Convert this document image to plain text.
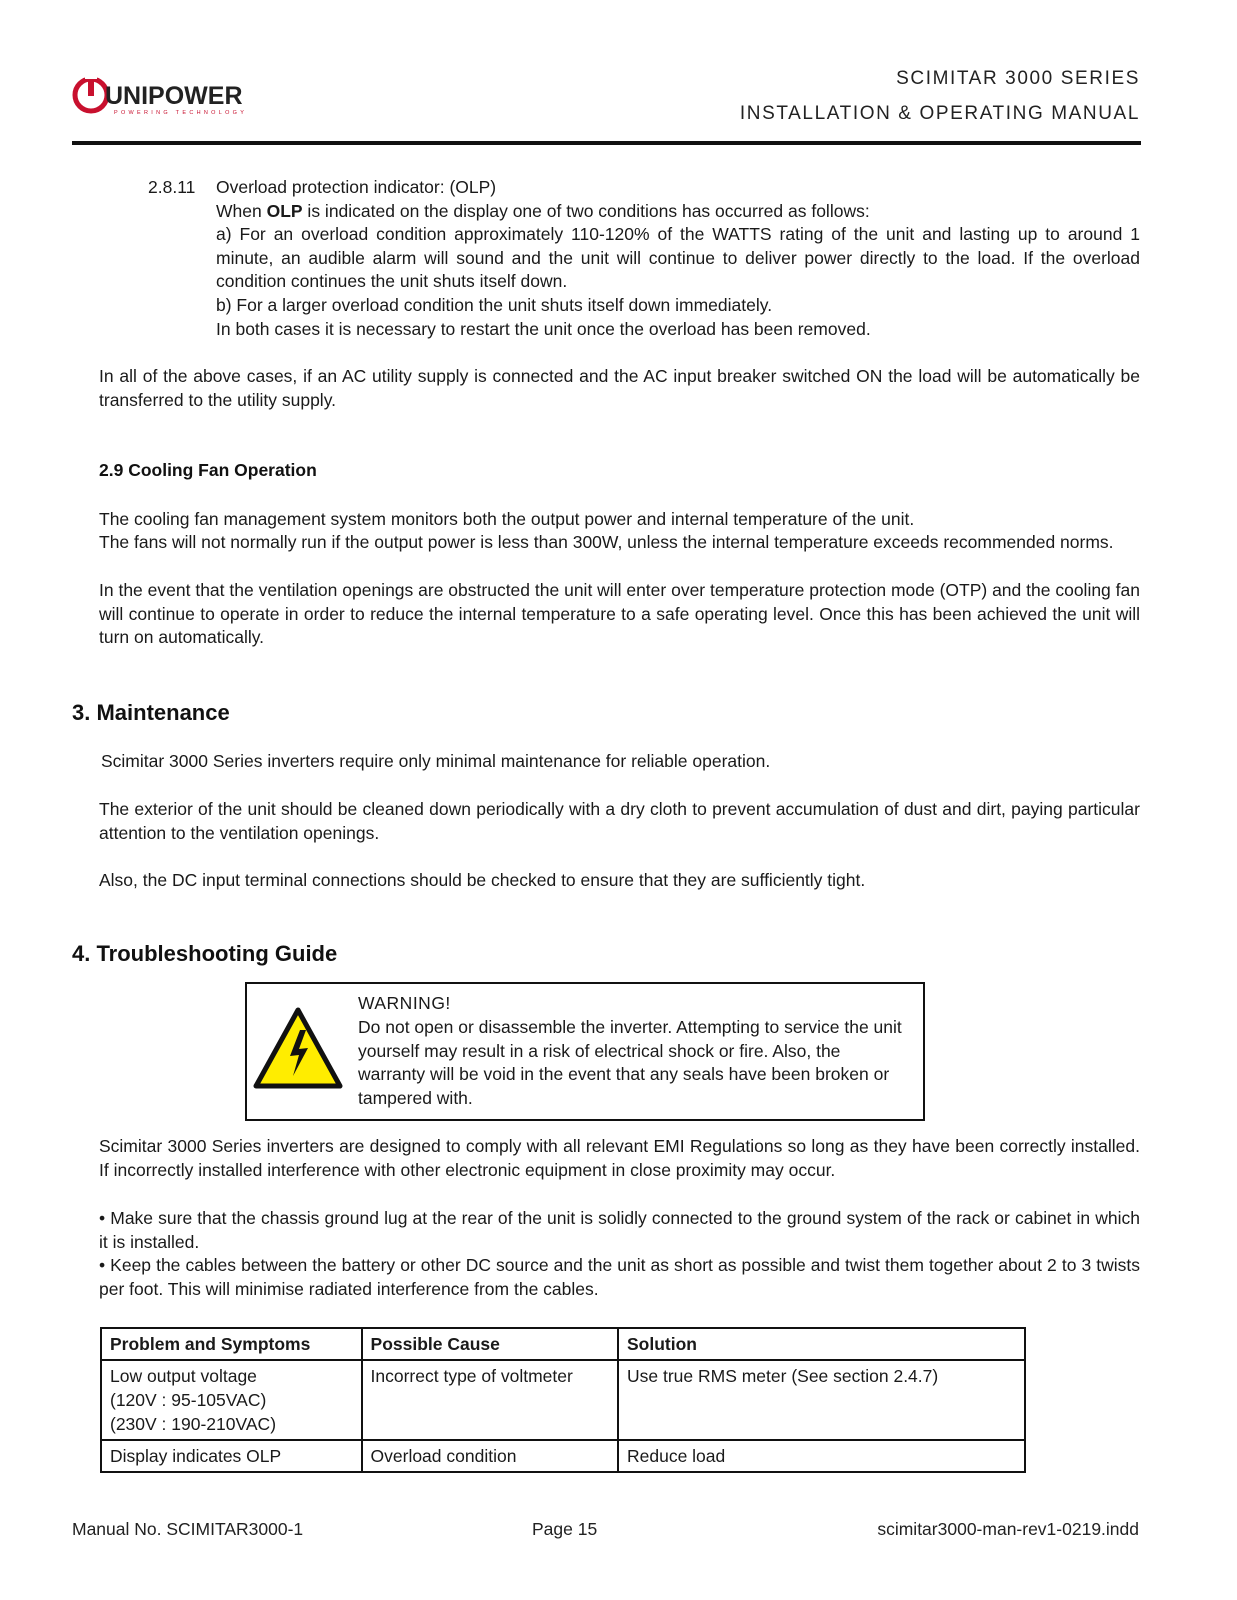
UNIPOWER
POWERING TECHNOLOGY
SCIMITAR 3000 SERIES
INSTALLATION & OPERATING MANUAL
2.8.11 Overload protection indicator: (OLP)
When OLP is indicated on the display one of two conditions has occurred as follows:
a) For an overload condition approximately 110-120% of the WATTS rating of the unit and lasting up to around 1 minute, an audible alarm will sound and the unit will continue to deliver power directly to the load. If the overload condition continues the unit shuts itself down.
b) For a larger overload condition the unit shuts itself down immediately.
In both cases it is necessary to restart the unit once the overload has been removed.
In all of the above cases, if an AC utility supply is connected and the AC input breaker switched ON the load will be automatically be transferred to the utility supply.
2.9 Cooling Fan Operation
The cooling fan management system monitors both the output power and internal temperature of the unit.
The fans will not normally run if the output power is less than 300W, unless the internal temperature exceeds recommended norms.
In the event that the ventilation openings are obstructed the unit will enter over temperature protection mode (OTP) and the cooling fan will continue to operate in order to reduce the internal temperature to a safe operating level. Once this has been achieved the unit will turn on automatically.
3. Maintenance
Scimitar 3000 Series inverters require only minimal maintenance for reliable operation.
The exterior of the unit should be cleaned down periodically with a dry cloth to prevent accumulation of dust and dirt, paying particular attention to the ventilation openings.
Also, the DC input terminal connections should be checked to ensure that they are sufficiently tight.
4. Troubleshooting Guide
WARNING!
Do not open or disassemble the inverter. Attempting to service the unit yourself may result in a risk of electrical shock or fire. Also, the warranty will be void in the event that any seals have been broken or tampered with.
Scimitar 3000 Series inverters are designed to comply with all relevant EMI Regulations so long as they have been correctly installed. If incorrectly installed interference with other electronic equipment in close proximity may occur.
• Make sure that the chassis ground lug at the rear of the unit is solidly connected to the ground system of the rack or cabinet in which it is installed.
• Keep the cables between the battery or other DC source and the unit as short as possible and twist them together about 2 to 3 twists per foot. This will minimise radiated interference from the cables.
Problem and Symptoms	Possible Cause	Solution

Low output voltage
(120V : 95-105VAC)
(230V : 190-210VAC)	Incorrect type of voltmeter	Use true RMS meter (See section 2.4.7)

Display indicates OLP	Overload condition	Reduce load
Manual No. SCIMITAR3000-1	Page 15	scimitar3000-man-rev1-0219.indd
